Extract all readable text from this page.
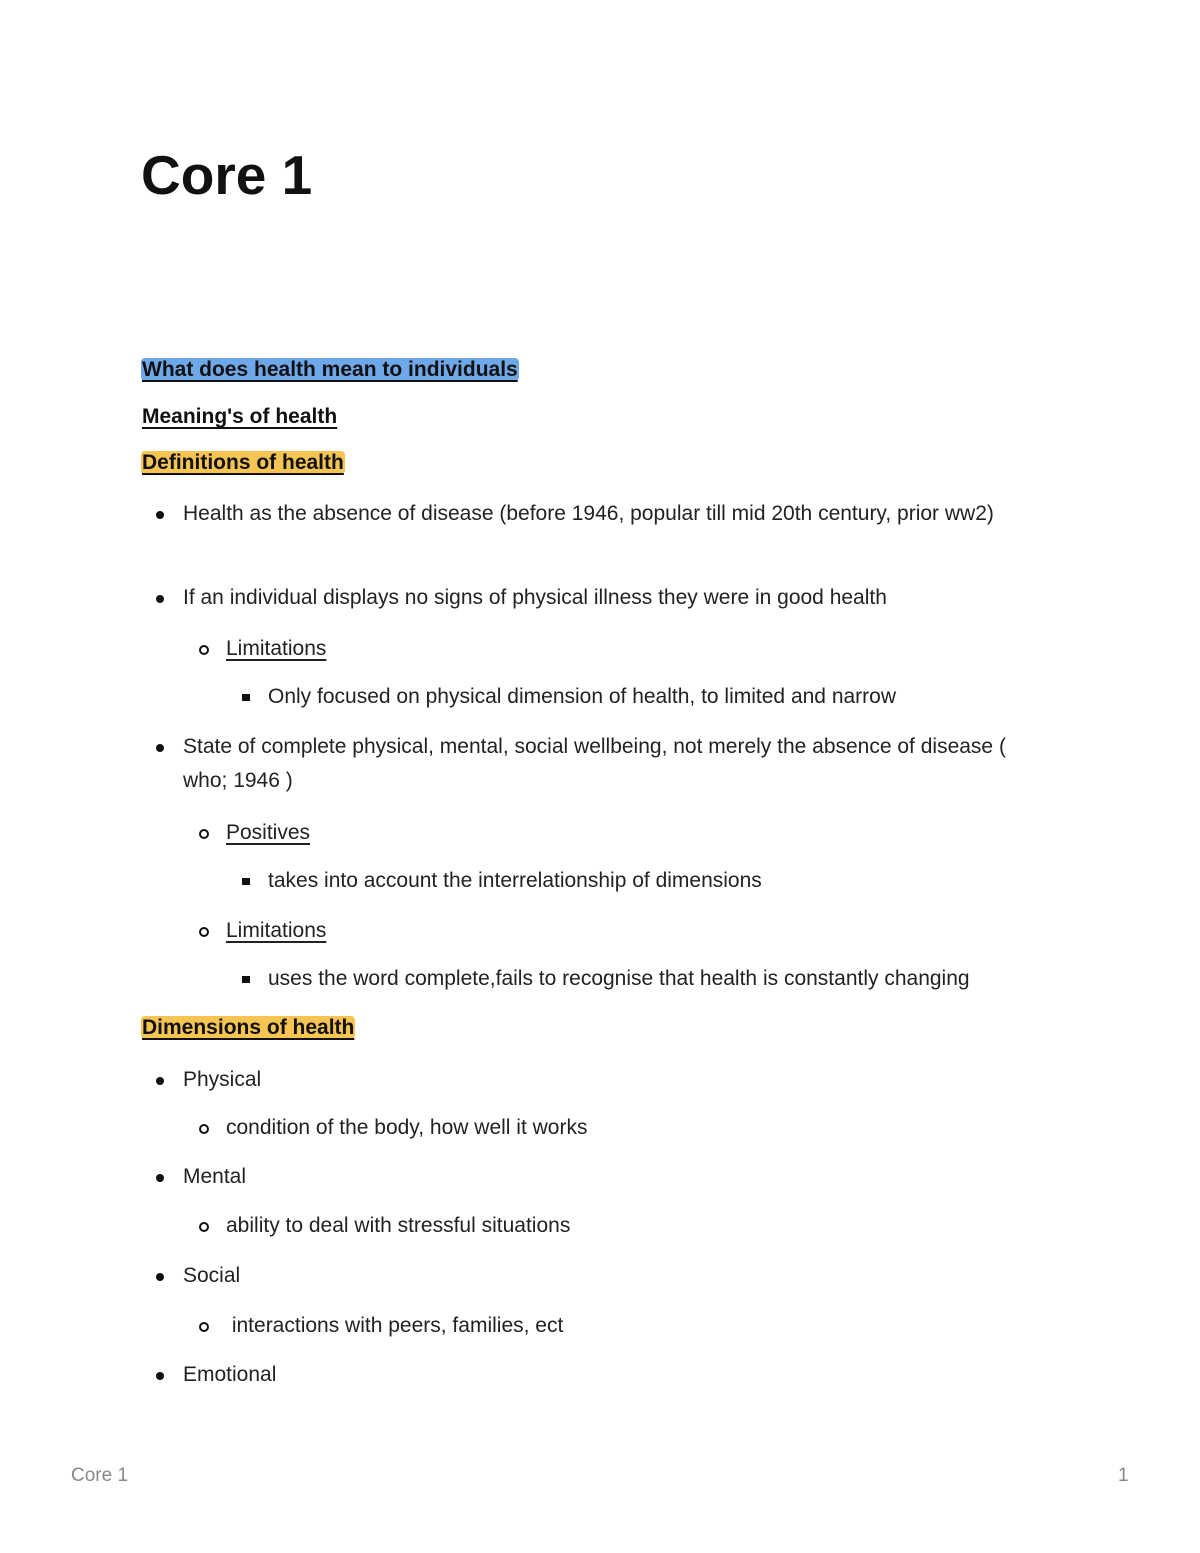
Core 1

What does health mean to individuals

Meaning's of health

Definitions of health

Health as the absence of disease (before 1946, popular till mid 20th century, prior ww2)
If an individual displays no signs of physical illness they were in good health
Limitations
Only focused on physical dimension of health, to limited and narrow
State of complete physical, mental, social wellbeing, not merely the absence of disease ( who; 1946 )
Positives
takes into account the interrelationship of dimensions
Limitations
uses the word complete,fails to recognise that health is constantly changing

Dimensions of health

Physical
condition of the body, how well it works
Mental
ability to deal with stressful situations
Social
interactions with peers, families, ect
Emotional

Core 1	1
